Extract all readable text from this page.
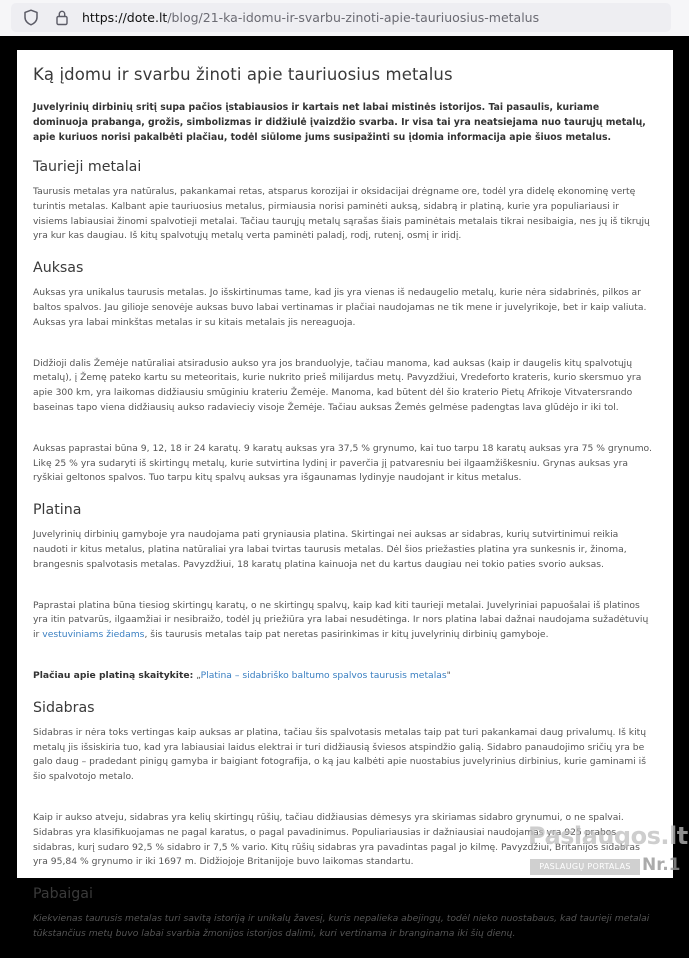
https://dote.lt/blog/21-ka-idomu-ir-svarbu-zinoti-apie-tauriuosius-metalus
Ką įdomu ir svarbu žinoti apie tauriuosius metalus

Juvelyrinių dirbinių sritį supa pačios įstabiausios ir kartais net labai mistinės istorijos. Tai pasaulis, kuriame dominuoja prabanga, grožis, simbolizmas ir didžiulė įvaizdžio svarba. Ir visa tai yra neatsiejama nuo taurųjų metalų, apie kuriuos norisi pakalbėti plačiau, todėl siūlome jums susipažinti su įdomia informacija apie šiuos metalus.

Taurieji metalai

Taurusis metalas yra natūralus, pakankamai retas, atsparus korozijai ir oksidacijai drėgname ore, todėl yra didelę ekonominę vertę turintis metalas. Kalbant apie tauriuosius metalus, pirmiausia norisi paminėti auksą, sidabrą ir platiną, kurie yra populiariausi ir visiems labiausiai žinomi spalvotieji metalai. Tačiau taurųjų metalų sąrašas šiais paminėtais metalais tikrai nesibaigia, nes jų iš tikrųjų yra kur kas daugiau. Iš kitų spalvotųjų metalų verta paminėti paladį, rodį, rutenį, osmį ir iridį.

Auksas

Auksas yra unikalus taurusis metalas. Jo išskirtinumas tame, kad jis yra vienas iš nedaugelio metalų, kurie nėra sidabrinės, pilkos ar baltos spalvos. Jau gilioje senovėje auksas buvo labai vertinamas ir plačiai naudojamas ne tik mene ir juvelyrikoje, bet ir kaip valiuta. Auksas yra labai minkštas metalas ir su kitais metalais jis nereaguoja.

Didžioji dalis Žemėje natūraliai atsiradusio aukso yra jos branduolyje, tačiau manoma, kad auksas (kaip ir daugelis kitų spalvotųjų metalų), į Žemę pateko kartu su meteoritais, kurie nukrito prieš milijardus metų. Pavyzdžiui, Vredeforto krateris, kurio skersmuo yra apie 300 km, yra laikomas didžiausiu smūginiu krateriu Žemėje. Manoma, kad būtent dėl šio kraterio Pietų Afrikoje Vitvatersrando baseinas tapo viena didžiausių aukso radavieciy visoje Žemėje. Tačiau auksas Žemės gelmėse padengtas lava glūdėjo ir iki tol.

Auksas paprastai būna 9, 12, 18 ir 24 karatų. 9 karatų auksas yra 37,5 % grynumo, kai tuo tarpu 18 karatų auksas yra 75 % grynumo. Likę 25 % yra sudaryti iš skirtingų metalų, kurie sutvirtina lydinį ir paverčia jį patvaresniu bei ilgaamžiškesniu. Grynas auksas yra ryškiai geltonos spalvos. Tuo tarpu kitų spalvų auksas yra išgaunamas lydinyje naudojant ir kitus metalus.

Platina

Juvelyrinių dirbinių gamyboje yra naudojama pati gryniausia platina. Skirtingai nei auksas ar sidabras, kurių sutvirtinimui reikia naudoti ir kitus metalus, platina natūraliai yra labai tvirtas taurusis metalas. Dėl šios priežasties platina yra sunkesnis ir, žinoma, brangesnis spalvotasis metalas. Pavyzdžiui, 18 karatų platina kainuoja net du kartus daugiau nei tokio paties svorio auksas.

Paprastai platina būna tiesiog skirtingų karatų, o ne skirtingų spalvų, kaip kad kiti taurieji metalai. Juvelyriniai papuošalai iš platinos yra itin patvarūs, ilgaamžiai ir nesibraižo, todėl jų priežiūra yra labai nesudėtinga. Ir nors platina labai dažnai naudojama sužadėtuvių ir vestuviniams žiedams, šis taurusis metalas taip pat neretas pasirinkimas ir kitų juvelyrinių dirbinių gamyboje.

Plačiau apie platiną skaitykite: „Platina – sidabriško baltumo spalvos taurusis metalas"

Sidabras

Sidabras ir nėra toks vertingas kaip auksas ar platina, tačiau šis spalvotasis metalas taip pat turi pakankamai daug privalumų. Iš kitų metalų jis išsiskiria tuo, kad yra labiausiai laidus elektrai ir turi didžiausią šviesos atspindžio galią. Sidabro panaudojimo sričių yra be galo daug – pradedant pinigų gamyba ir baigiant fotografija, o ką jau kalbėti apie nuostabius juvelyrinius dirbinius, kurie gaminami iš šio spalvotojo metalo.

Kaip ir aukso atveju, sidabras yra kelių skirtingų rūšių, tačiau didžiausias dėmesys yra skiriamas sidabro grynumui, o ne spalvai. Sidabras yra klasifikuojamas ne pagal karatus, o pagal pavadinimus. Populiariausias ir dažniausiai naudojamas yra 925 prabos sidabras, kurį sudaro 92,5 % sidabro ir 7,5 % vario. Kitų rūšių sidabras yra pavadintas pagal jo kilmę. Pavyzdžiui, Britanijos sidabras yra 95,84 % grynumo ir iki 1697 m. Didžiojoje Britanijoje buvo laikomas standartu.

Pabaigai

Kiekvienas taurusis metalas turi savitą istoriją ir unikalų žavesį, kuris nepalieka abejingų, todėl nieko nuostabaus, kad taurieji metalai tūkstančius metų buvo labai svarbia žmonijos istorijos dalimi, kuri vertinama ir branginama iki šių dienų.

Paslaugos.lt
PASLAUGŲ PORTALAS Nr.1
